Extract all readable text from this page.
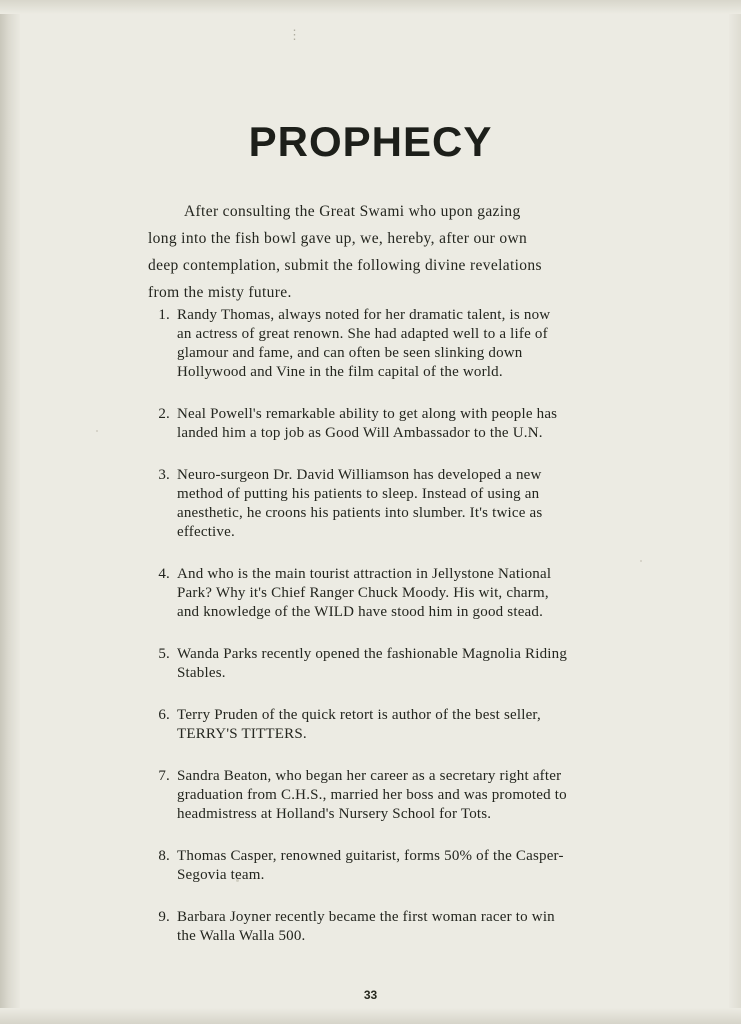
⋮
PROPHECY
After consulting the Great Swami who upon gazing long into the fish bowl gave up, we, hereby, after our own deep contemplation, submit the following divine revelations from the misty future.
1. Randy Thomas, always noted for her dramatic talent, is now an actress of great renown. She had adapted well to a life of glamour and fame, and can often be seen slinking down Hollywood and Vine in the film capital of the world.
2. Neal Powell's remarkable ability to get along with people has landed him a top job as Good Will Ambassador to the U.N.
3. Neuro-surgeon Dr. David Williamson has developed a new method of putting his patients to sleep. Instead of using an anesthetic, he croons his patients into slumber. It's twice as effective.
4. And who is the main tourist attraction in Jellystone National Park? Why it's Chief Ranger Chuck Moody. His wit, charm, and knowledge of the WILD have stood him in good stead.
5. Wanda Parks recently opened the fashionable Magnolia Riding Stables.
6. Terry Pruden of the quick retort is author of the best seller, TERRY'S TITTERS.
7. Sandra Beaton, who began her career as a secretary right after graduation from C.H.S., married her boss and was promoted to headmistress at Holland's Nursery School for Tots.
8. Thomas Casper, renowned guitarist, forms 50% of the Casper-Segovia team.
9. Barbara Joyner recently became the first woman racer to win the Walla Walla 500.
33
